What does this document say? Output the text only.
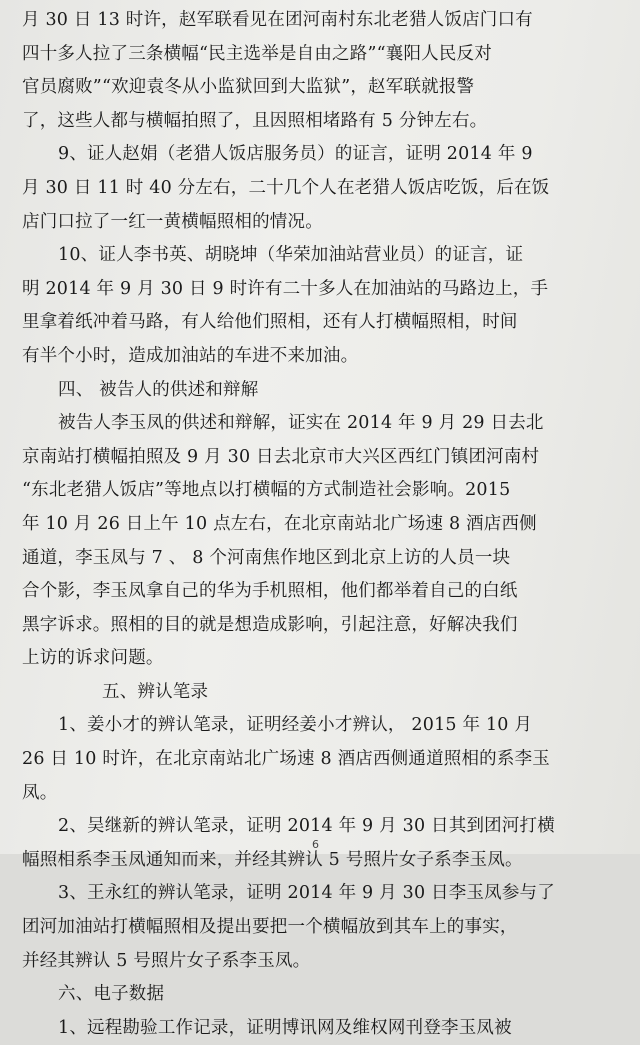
月 30 日 13 时许，赵军联看见在团河南村东北老猎人饭店门口有
四十多人拉了三条横幅“民主选举是自由之路”“襄阳人民反对
官员腐败”“欢迎袁冬从小监狱回到大监狱”，赵军联就报警
了，这些人都与横幅拍照了，且因照相堵路有 5 分钟左右。
9、证人赵娟（老猎人饭店服务员）的证言，证明 2014 年 9
月 30 日 11 时 40 分左右，二十几个人在老猎人饭店吃饭，后在饭
店门口拉了一红一黄横幅照相的情况。
10、证人李书英、胡晓坤（华荣加油站营业员）的证言，证
明 2014 年 9 月 30 日 9 时许有二十多人在加油站的马路边上，手
里拿着纸冲着马路，有人给他们照相，还有人打横幅照相，时间
有半个小时，造成加油站的车进不来加油。
四、 被告人的供述和辩解
被告人李玉凤的供述和辩解，证实在 2014 年 9 月 29 日去北
京南站打横幅拍照及 9 月 30 日去北京市大兴区西红门镇团河南村
“东北老猎人饭店”等地点以打横幅的方式制造社会影响。2015
年 10 月 26 日上午 10 点左右，在北京南站北广场速 8 酒店西侧
通道，李玉凤与 7 、 8 个河南焦作地区到北京上访的人员一块
合个影，李玉凤拿自己的华为手机照相，他们都举着自己的白纸
黑字诉求。照相的目的就是想造成影响，引起注意，好解决我们
上访的诉求问题。
五、辨认笔录
1、姜小才的辨认笔录，证明经姜小才辨认， 2015 年 10 月
26 日 10 时许，在北京南站北广场速 8 酒店西侧通道照相的系李玉
凤。
2、吴继新的辨认笔录，证明 2014 年 9 月 30 日其到团河打横
幅照相系李玉凤通知而来，并经其辨认 5 号照片女子系李玉凤。
3、王永红的辨认笔录，证明 2014 年 9 月 30 日李玉凤参与了
团河加油站打横幅照相及提出要把一个横幅放到其车上的事实，
并经其辨认 5 号照片女子系李玉凤。
六、电子数据
1、远程勘验工作记录，证明博讯网及维权网刊登李玉凤被
6
